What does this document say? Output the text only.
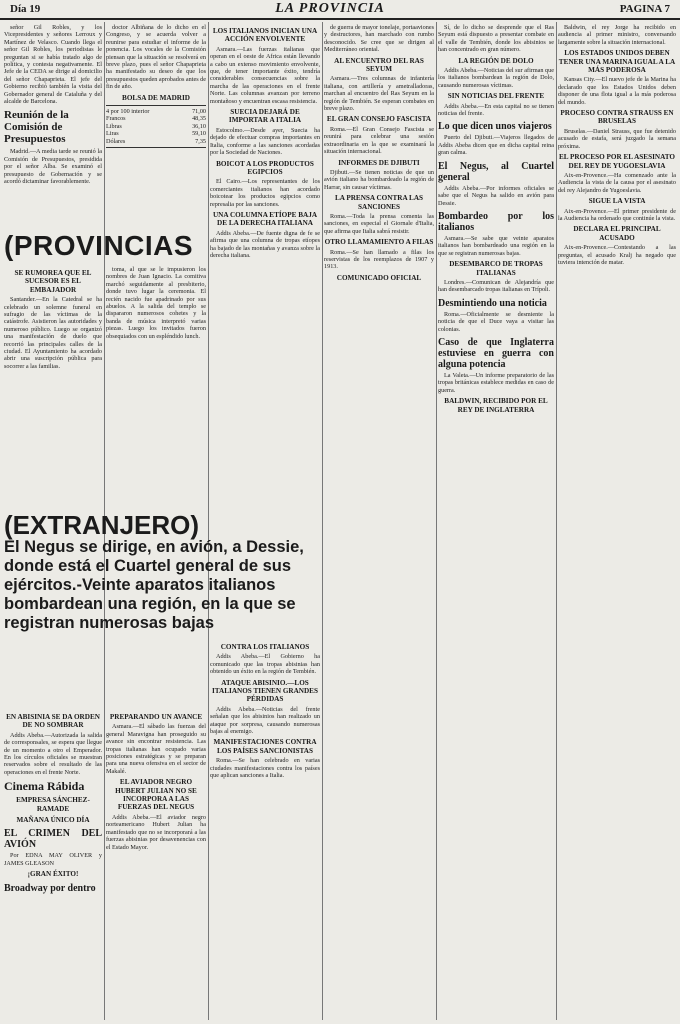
Día 19	LA PROVINCIA	PAGINA 7

señor Gil Robles, y los Vicepresidentes y señores Lerroux y Martínez de Velasco. Cuando llega el señor Gil Robles, los periodistas le preguntan si se había tratado algo de política, y contesta negativamente. El Jefe de la CEDA se dirige al domicilio del señor Chapaprieta. El jefe del Gobierno recibió también la visita del Gobernador general de Cataluña y del alcalde de Barcelona.

Reunión de la Comisión de Presupuestos

Madrid.—A media tarde se reunió la Comisión de Presupuestos, presidida por el señor Alba. Se examinó el presupuesto de Gobernación y se acordó dictaminar favorablemente.

doctor Albiñana de lo dicho en el Congreso, y se acuerda volver a reunirse para estudiar el informe de la ponencia. Los vocales de la Comisión piensan que la situación se resolverá en breve plazo, pues el señor Chapaprieta ha manifestado su deseo de que los presupuestos queden aprobados antes de fin de año.

BOLSA DE MADRID
4 por 100 interior	71,00
Francos	48,35
Libras	36,10
Liras	59,10
Dólares	7,35
(PROVINCIAS
SE RUMOREA QUE EL SUCESOR ES EL EMBAJADOR

Santander.—En la Catedral se ha celebrado un solemne funeral en sufragio de las víctimas de la catástrofe. Asistieron las autoridades y numeroso público. Luego se organizó una manifestación de duelo que recorrió las principales calles de la ciudad. El Ayuntamiento ha acordado abrir una suscripción pública para socorrer a las familias.

toma, al que se le impusieron los nombres de Juan Ignacio. La comitiva marchó seguidamente al presbiterio, donde tuvo lugar la ceremonia. El recién nacido fue apadrinado por sus abuelos. A la salida del templo se dispararon numerosos cohetes y la banda de música interpretó varias piezas. Luego los invitados fueron obsequiados con un espléndido lunch.

(EXTRANJERO)
El Negus se dirige, en avión, a Dessie, donde está el Cuartel general de sus ejércitos.-Veinte aparatos italianos bombardean una región, en la que se registran numerosas bajas
EN ABISINIA SE DA ORDEN DE NO SOMBRAR

Addis Abeba.—Autorizada la salida de corresponsales, se espera que llegue de un momento a otro el Emperador. En los círculos oficiales se muestran reservados sobre el resultado de las operaciones en el frente Norte.

Cinema Rábida
EMPRESA SÁNCHEZ-RAMADE
MAÑANA ÚNICO DÍA
EL CRIMEN DEL AVIÓN

Por EDNA MAY OLIVER y JAMES GLEASON

¡GRAN ÉXITO!
Broadway por dentro
PREPARANDO UN AVANCE

Asmara.—El sábado las fuerzas del general Maravigna han proseguido su avance sin encontrar resistencia. Las tropas italianas han ocupado varias posiciones estratégicas y se preparan para una nueva ofensiva en el sector de Makalé.

EL AVIADOR NEGRO HUBERT JULIAN NO SE INCORPORA A LAS FUERZAS DEL NEGUS

Addis Abeba.—El aviador negro norteamericano Hubert Julian ha manifestado que no se incorporará a las fuerzas abisinias por desavenencias con el Estado Mayor.

LOS ITALIANOS INICIAN UNA ACCIÓN ENVOLVENTE

Asmara.—Las fuerzas italianas que operan en el oeste de Africa están llevando a cabo un extenso movimiento envolvente, que, de tener importante éxito, tendría considerables consecuencias sobre la marcha de las operaciones en el frente Norte. Las columnas avanzan por terreno montañoso y encuentran escasa resistencia.

SUECIA DEJARÁ DE IMPORTAR A ITALIA

Estocolmo.—Desde ayer, Suecia ha dejado de efectuar compras importantes en Italia, conforme a las sanciones acordadas por la Sociedad de Naciones.

BOICOT A LOS PRODUCTOS EGIPCIOS

El Cairo.—Los representantes de los comerciantes italianos han acordado boicotear los productos egipcios como represalia por las sanciones.

UNA COLUMNA ETÍOPE BAJA DE LA DERECHA ITALIANA

Addis Abeba.—De fuente digna de fe se afirma que una columna de tropas etíopes ha bajado de las montañas y avanza sobre la derecha italiana.

CONTRA LOS ITALIANOS

Addis Abeba.—El Gobierno ha comunicado que las tropas abisinias han obtenido un éxito en la región de Tembién.

ATAQUE ABISINIO.—LOS ITALIANOS TIENEN GRANDES PÉRDIDAS

Addis Abeba.—Noticias del frente señalan que los abisinios han realizado un ataque por sorpresa, causando numerosas bajas al enemigo.

MANIFESTACIONES CONTRA LOS PAÍSES SANCIONISTAS

Roma.—Se han celebrado en varias ciudades manifestaciones contra los países que aplican sanciones a Italia.

de guerra de mayor tonelaje, portaaviones y destructores, han marchado con rumbo desconocido. Se cree que se dirigen al Mediterráneo oriental.

AL ENCUENTRO DEL RAS SEYUM

Asmara.—Tres columnas de infantería italiana, con artillería y ametralladoras, marchan al encuentro del Ras Seyum en la región de Tembién. Se esperan combates en breve plazo.

EL GRAN CONSEJO FASCISTA

Roma.—El Gran Consejo Fascista se reunirá para celebrar una sesión extraordinaria en la que se examinará la situación internacional.

INFORMES DE DJIBUTI

Djibuti.—Se tienen noticias de que un avión italiano ha bombardeado la región de Harrar, sin causar víctimas.

LA PRENSA CONTRA LAS SANCIONES

Roma.—Toda la prensa comenta las sanciones, en especial el Giornale d'Italia, que afirma que Italia sabrá resistir.

OTRO LLAMAMIENTO A FILAS

Roma.—Se han llamado a filas los reservistas de los reemplazos de 1907 y 1913.

COMUNICADO OFICIAL

Sí, de lo dicho se desprende que el Ras Seyum está dispuesto a presentar combate en el valle de Tembién, donde los abisinios se han concentrado en gran número.

LA REGIÓN DE DOLO

Addis Abeba.—Noticias del sur afirman que los italianos bombardean la región de Dolo, causando numerosas víctimas.

SIN NOTICIAS DEL FRENTE

Addis Abeba.—En esta capital no se tienen noticias del frente.

Lo que dicen unos viajeros

Puerto del Djibuti.—Viajeros llegados de Addis Abeba dicen que en dicha capital reina gran calma.

El Negus, al Cuartel general

Addis Abeba.—Por informes oficiales se sabe que el Negus ha salido en avión para Dessie.

Bombardeo por los italianos

Asmara.—Se sabe que veinte aparatos italianos han bombardeado una región en la que se registran numerosas bajas.

DESEMBARCO DE TROPAS ITALIANAS

Londres.—Comunican de Alejandría que han desembarcado tropas italianas en Trípoli.

Desmintiendo una noticia

Roma.—Oficialmente se desmiente la noticia de que el Duce vaya a visitar las colonias.

Caso de que Inglaterra estuviese en guerra con alguna potencia

La Valeta.—Un informe preparatorio de las tropas británicas establece medidas en caso de guerra.

BALDWIN, RECIBIDO POR EL REY DE INGLATERRA

Baldwin, el rey Jorge ha recibido en audiencia al primer ministro, conversando largamente sobre la situación internacional.

LOS ESTADOS UNIDOS DEBEN TENER UNA MARINA IGUAL A LA MÁS PODEROSA

Kansas City.—El nuevo jefe de la Marina ha declarado que los Estados Unidos deben disponer de una flota igual a la más poderosa del mundo.

PROCESO CONTRA STRAUSS EN BRUSELAS

Bruselas.—Daniel Strauss, que fue detenido acusado de estafa, será juzgado la semana próxima.

EL PROCESO POR EL ASESINATO DEL REY DE YUGOESLAVIA

Aix-en-Provence.—Ha comenzado ante la Audiencia la vista de la causa por el asesinato del rey Alejandro de Yugoeslavia.

SIGUE LA VISTA

Aix-en-Provence.—El primer presidente de la Audiencia ha ordenado que continúe la vista.

DECLARA EL PRINCIPAL ACUSADO

Aix-en-Provence.—Contestando a las preguntas, el acusado Kralj ha negado que tuviera intención de matar.
